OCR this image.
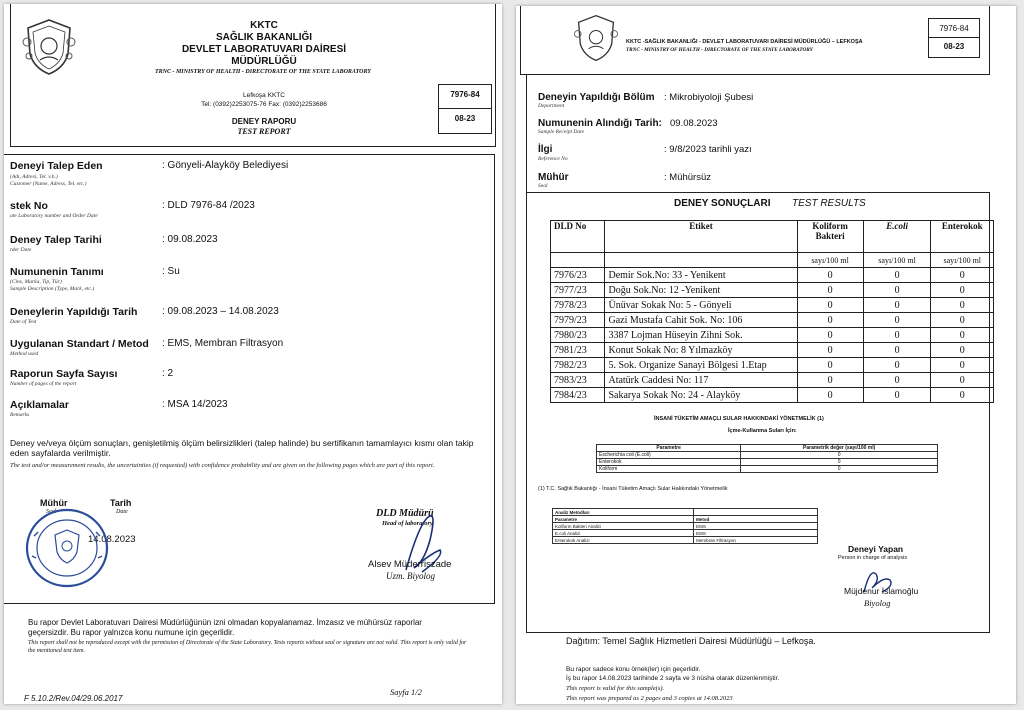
KKTC
SAĞLIK BAKANLIĞI
DEVLET LABORATUVARI DAİRESİ
MÜDÜRLÜĞÜ
TRNC - MINISTRY OF HEALTH - DIRECTORATE OF THE STATE LABORATORY
Lefkoşa KKTC
Tel: (0392)2253075-76 Fax: (0392)2253686
DENEY RAPORU
TEST REPORT
7976-84
08-23
Deneyi Talep Eden
(Adı, Adresi, Tel. v.b.)
Customer (Name, Adress, Tel. etc.)
: Gönyeli-Alayköy Belediyesi
stek No
ate Laboratory number and Order Date
: DLD 7976-84 /2023
Deney Talep Tarihi
rder Date
: 09.08.2023
Numunenin Tanımı
(Cins, Marka, Tip, Tür)
Sample Description (Type, Mark, etc.)
: Su
Deneylerin Yapıldığı Tarih
Date of Test
: 09.08.2023 – 14.08.2023
Uygulanan Standart / Metod
Method used
: EMS, Membran Filtrasyon
Raporun Sayfa Sayısı
Number of pages of the report
: 2
Açıklamalar
Remarks
: MSA 14/2023
Deney ve/veya ölçüm sonuçları, genişletilmiş ölçüm belirsizlikleri (talep halinde) bu sertifikanın tamamlayıcı kısmı olan takip eden sayfalarda verilmiştir.
The test and/or measurement results, the uncertainties (if requested) with confidence probability and are given on the following pages which are part of this report.
Mühür
Seal
Tarih
Date
14.08.2023
DLD Müdürü
Head of laboratory
Alsev Müderriszade
Uzm. Biyolog
Bu rapor Devlet Laboratuvarı Dairesi Müdürlüğünün izni olmadan kopyalanamaz. İmzasız ve mühürsüz raporlar geçersizdir. Bu rapor yalnızca konu numune için geçerlidir.
This report shall not be reproduced except with the permission of Directorate of the State Laboratory. Tests reports without seal or signature are not valid. This report is only valid for the mentioned test item.
F 5.10.2/Rev.04/29.06.2017
Sayfa 1/2
KKTC -SAĞLIK BAKANLIĞI - DEVLET LABORATUVARI DAİRESİ MÜDÜRLÜĞÜ – LEFKOŞA
TRNC - MINISTRY OF HEALTH - DIRECTORATE OF THE STATE LABORATORY
7976-84
08-23
Deneyin Yapıldığı Bölüm
Department
: Mikrobiyoloji Şubesi
Numunenin Alındığı Tarih:
Sample Receipt Date
09.08.2023
İlgi
Reference No
: 9/8/2023 tarihli yazı
Mühür
Seal
: Mühürsüz
DENEY SONUÇLARI TEST RESULTS
DLD No	Etiket	Koliform Bakteri	E.coli	Enterokok
		sayı/100 ml	sayı/100 ml	sayı/100 ml
7976/23	Demir Sok.No: 33 - Yenikent	0	0	0
7977/23	Doğu Sok.No: 12 -Yenikent	0	0	0
7978/23	Ünüvar Sokak No: 5 - Gönyeli	0	0	0
7979/23	Gazi Mustafa Cahit Sok. No: 106	0	0	0
7980/23	3387 Lojman Hüseyin Zihni Sok.	0	0	0
7981/23	Konut Sokak No: 8 Yılmazköy	0	0	0
7982/23	5. Sok. Organize Sanayi Bölgesi 1.Etap	0	0	0
7983/23	Atatürk Caddesi No: 117	0	0	0
7984/23	Sakarya Sokak No: 24 - Alayköy	0	0	0
İNSANİ TÜKETİM AMAÇLI SULAR HAKKINDAKİ YÖNETMELİK (1)
İçme-Kullanma Suları İçin:
Parametre	Parametrik değer (sayı/100 ml)
Escherichia coli (E.coli)	0
Enterokok	0
Koliform	0
(1) T.C. Sağlık Bakanlığı - İnsani Tüketim Amaçlı Sular Hakkındaki Yönetmelik
Analiz Metodları	
Parametre	Metod
Koliform Bakteri Analizi	EMS
E.coli Analizi	EMS
Enterokok Analizi	Membran Filtrasyon
Deneyi Yapan
Person in charge of analysis
Müjdenur İslamoğlu
Biyolog
Dağıtım: Temel Sağlık Hizmetleri Dairesi Müdürlüğü – Lefkoşa.
Bu rapor sadece konu örnek(ler) için geçerlidir.
İş bu rapor 14.08.2023 tarihinde 2 sayfa ve 3 nüsha olarak düzenlenmiştir.
This report is valid for this sample(s).
This report was prepared as 2 pages and 3 copies at 14.08.2023
